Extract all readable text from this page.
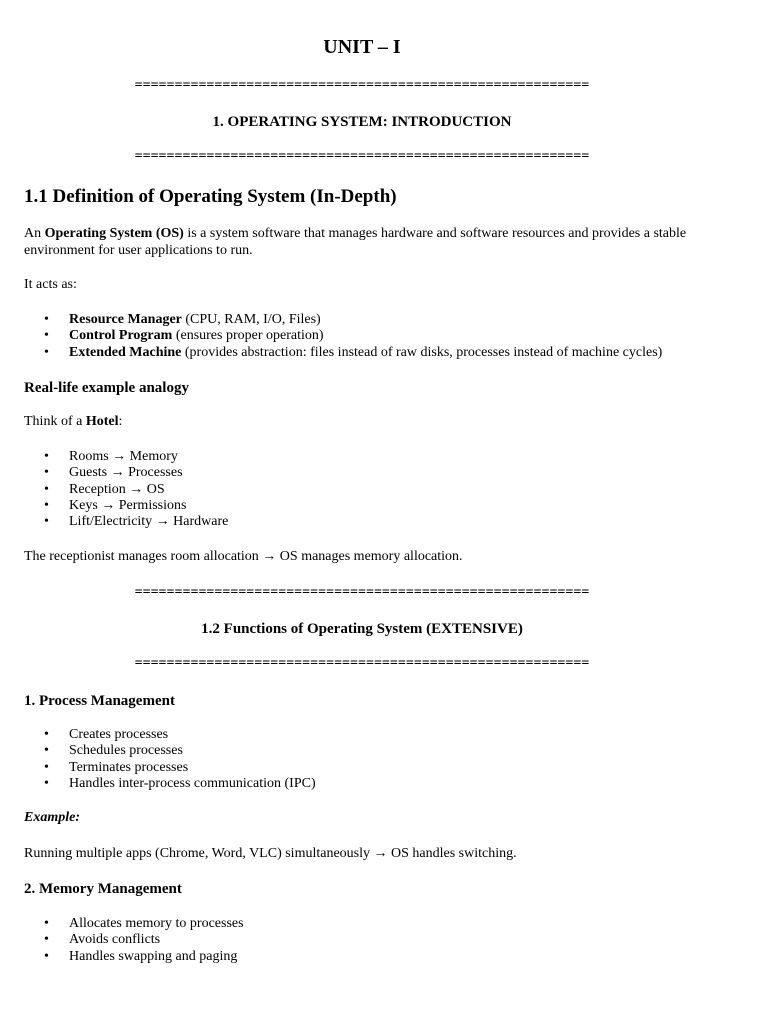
UNIT – I
=========================================================
1. OPERATING SYSTEM: INTRODUCTION
=========================================================
1.1 Definition of Operating System (In-Depth)

An Operating System (OS) is a system software that manages hardware and software resources and provides a stable environment for user applications to run.

It acts as:

• Resource Manager (CPU, RAM, I/O, Files)
• Control Program (ensures proper operation)
• Extended Machine (provides abstraction: files instead of raw disks, processes instead of machine cycles)
Real-life example analogy

Think of a Hotel:

• Rooms → Memory
• Guests → Processes
• Reception → OS
• Keys → Permissions
• Lift/Electricity → Hardware

The receptionist manages room allocation → OS manages memory allocation.

=========================================================
1.2 Functions of Operating System (EXTENSIVE)
=========================================================
1. Process Management
• Creates processes
• Schedules processes
• Terminates processes
• Handles inter-process communication (IPC)

Example:

Running multiple apps (Chrome, Word, VLC) simultaneously → OS handles switching.

2. Memory Management
• Allocates memory to processes
• Avoids conflicts
• Handles swapping and paging
